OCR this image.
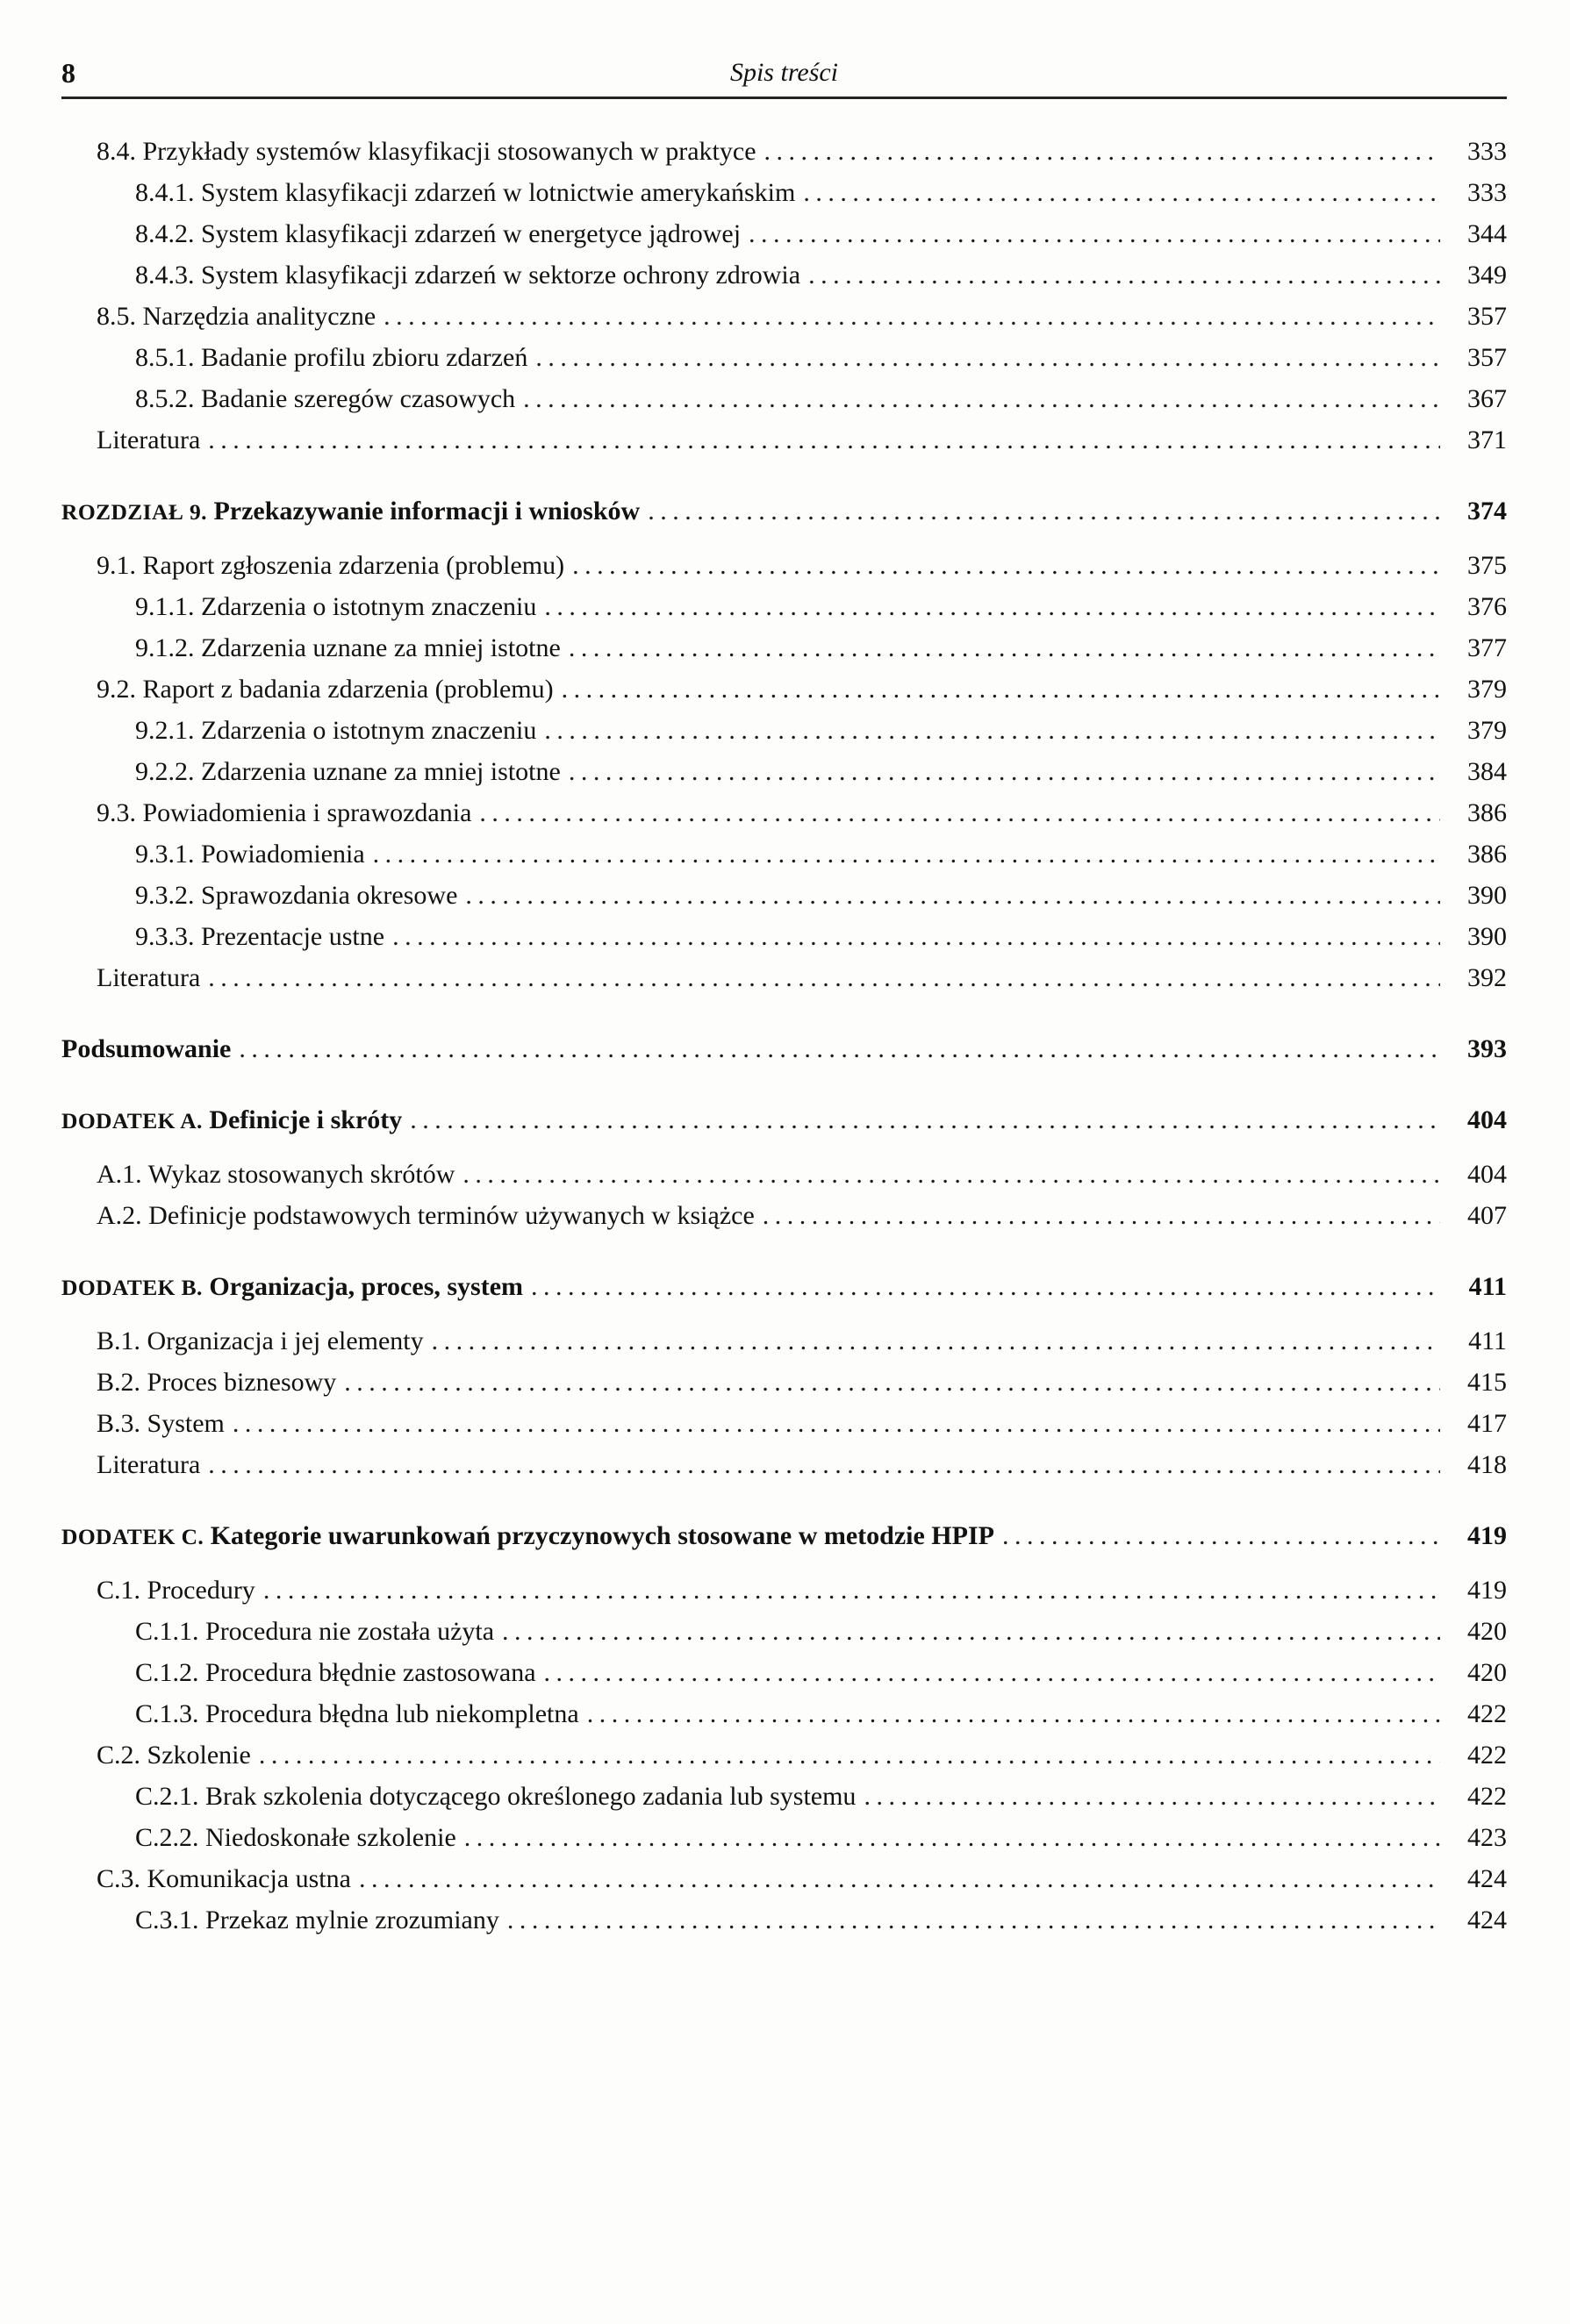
8	Spis treści
8.4. Przykłady systemów klasyfikacji stosowanych w praktyce .....	333
8.4.1. System klasyfikacji zdarzeń w lotnictwie amerykańskim .....	333
8.4.2. System klasyfikacji zdarzeń w energetyce jądrowej .....	344
8.4.3. System klasyfikacji zdarzeń w sektorze ochrony zdrowia .....	349
8.5. Narzędzia analityczne .....	357
8.5.1. Badanie profilu zbioru zdarzeń .....	357
8.5.2. Badanie szeregów czasowych .....	367
Literatura .....	371
ROZDZIAŁ 9. Przekazywanie informacji i wniosków .....	374
9.1. Raport zgłoszenia zdarzenia (problemu) .....	375
9.1.1. Zdarzenia o istotnym znaczeniu .....	376
9.1.2. Zdarzenia uznane za mniej istotne .....	377
9.2. Raport z badania zdarzenia (problemu) .....	379
9.2.1. Zdarzenia o istotnym znaczeniu .....	379
9.2.2. Zdarzenia uznane za mniej istotne .....	384
9.3. Powiadomienia i sprawozdania .....	386
9.3.1. Powiadomienia .....	386
9.3.2. Sprawozdania okresowe .....	390
9.3.3. Prezentacje ustne .....	390
Literatura .....	392
Podsumowanie .....	393
DODATEK A. Definicje i skróty .....	404
A.1. Wykaz stosowanych skrótów .....	404
A.2. Definicje podstawowych terminów używanych w książce .....	407
DODATEK B. Organizacja, proces, system .....	411
B.1. Organizacja i jej elementy .....	411
B.2. Proces biznesowy .....	415
B.3. System .....	417
Literatura .....	418
DODATEK C. Kategorie uwarunkowań przyczynowych stosowane w metodzie HPIP .....	419
C.1. Procedury .....	419
C.1.1. Procedura nie została użyta .....	420
C.1.2. Procedura błędnie zastosowana .....	420
C.1.3. Procedura błędna lub niekompletna .....	422
C.2. Szkolenie .....	422
C.2.1. Brak szkolenia dotyczącego określonego zadania lub systemu .....	422
C.2.2. Niedoskonałe szkolenie .....	423
C.3. Komunikacja ustna .....	424
C.3.1. Przekaz mylnie zrozumiany .....	424
